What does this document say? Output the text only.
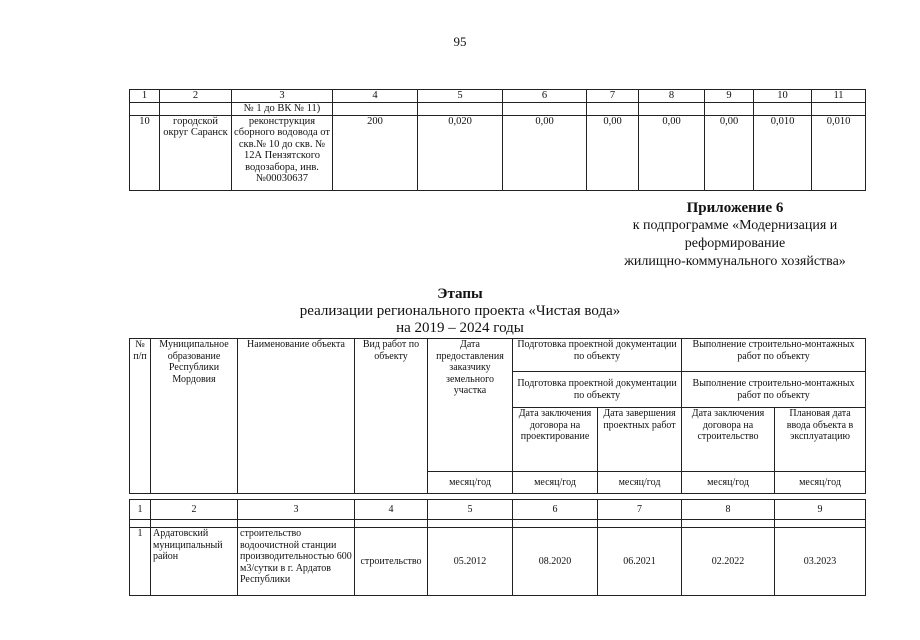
95
1	2	3	4	5	6	7	8	9	10	11
		№ 1 до ВК № 11)								
10	городской округ Саранск	реконструкция сборного водовода от скв.№ 10 до скв. № 12А Пензятского водозабора, инв. №00030637	200	0,020	0,00	0,00	0,00	0,00	0,010	0,010
Приложение 6
к подпрограмме «Модернизация и
реформирование
жилищно-коммунального хозяйства»
Этапы
реализации регионального проекта «Чистая вода»
на 2019 – 2024 годы
№ п/п	Муниципальное образование Республики Мордовия	Наименование объекта	Вид работ по объекту	Дата предоставления заказчику земельного участка	Подготовка проектной документации по объекту		Выполнение строительно-монтажных работ по объекту	
					Подготовка проектной документации по объекту		Выполнение строительно-монтажных работ по объекту	
					Дата заключения договора на проектирование	Дата завершения проектных работ	Дата заключения договора на строительство	Плановая дата ввода объекта в эксплуатацию
				месяц/год	месяц/год	месяц/год	месяц/год	месяц/год

1	2	3	4	5	6	7	8	9

1	Ардатовский муниципальный район	строительство водоочистной станции производительностью 600 м3/сутки в г. Ардатов Республики	строительство	05.2012	08.2020	06.2021	02.2022	03.2023
